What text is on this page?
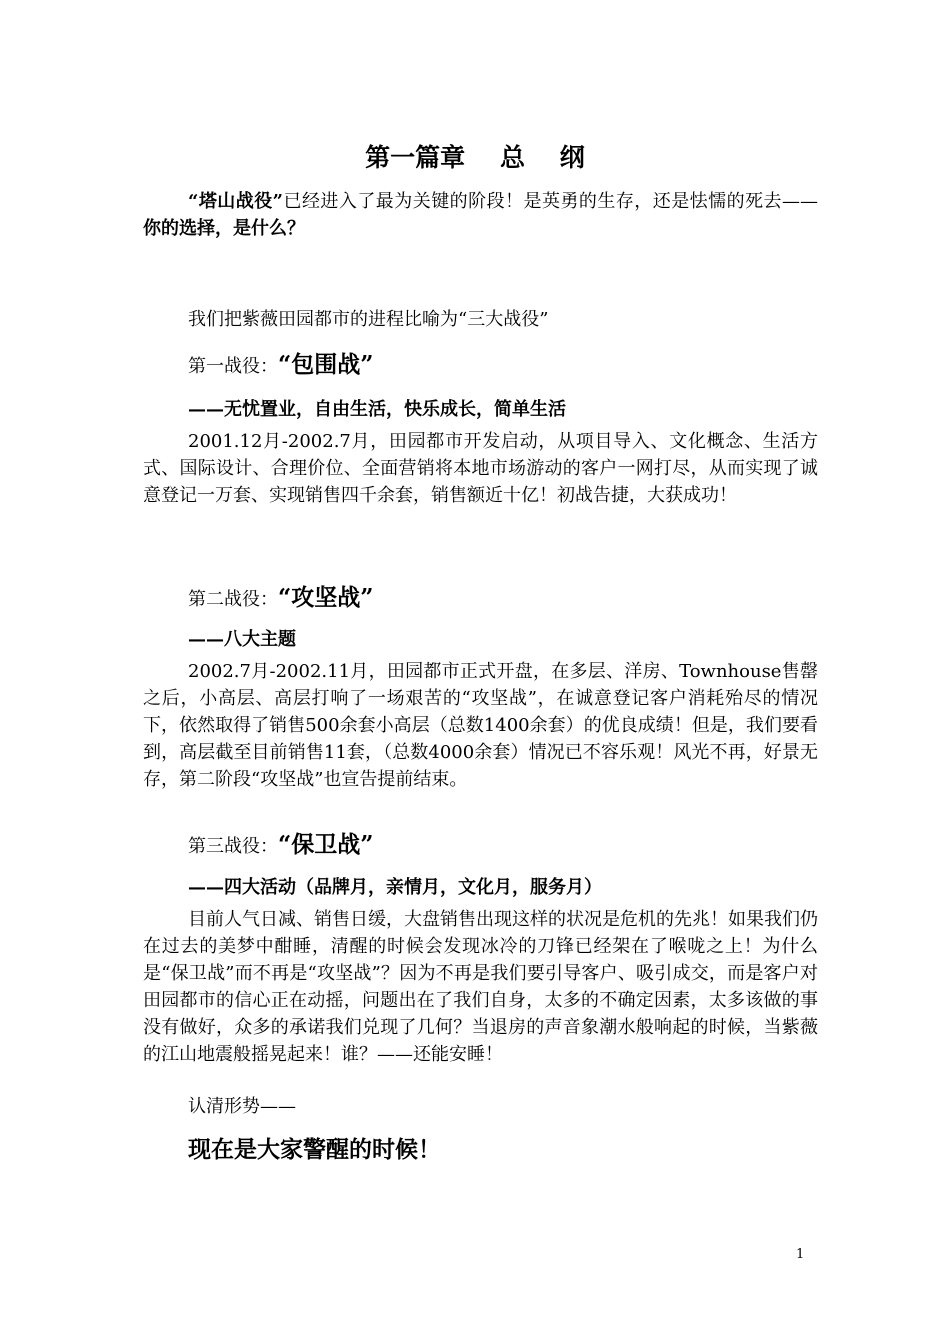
第一篇章    总    纲

“塔山战役”已经进入了最为关键的阶段！是英勇的生存，还是怯懦的死去——你的选择，是什么？

我们把紫薇田园都市的进程比喻为“三大战役”
第一战役：“包围战”
——无忧置业，自由生活，快乐成长，简单生活

2001.12月-2002.7月，田园都市开发启动，从项目导入、文化概念、生活方式、国际设计、合理价位、全面营销将本地市场游动的客户一网打尽，从而实现了诚意登记一万套、实现销售四千余套，销售额近十亿！初战告捷，大获成功！

第二战役：“攻坚战”
——八大主题

2002.7月-2002.11月，田园都市正式开盘，在多层、洋房、Townhouse售罄之后，小高层、高层打响了一场艰苦的“攻坚战”，在诚意登记客户消耗殆尽的情况下，依然取得了销售500余套小高层（总数1400余套）的优良成绩！但是，我们要看到，高层截至目前销售11套，（总数4000余套）情况已不容乐观！风光不再，好景无存，第二阶段“攻坚战”也宣告提前结束。

第三战役：“保卫战”
——四大活动（品牌月，亲情月，文化月，服务月）

目前人气日减、销售日缓，大盘销售出现这样的状况是危机的先兆！如果我们仍在过去的美梦中酣睡，清醒的时候会发现冰冷的刀锋已经架在了喉咙之上！为什么是“保卫战”而不再是“攻坚战”？因为不再是我们要引导客户、吸引成交，而是客户对田园都市的信心正在动摇，问题出在了我们自身，太多的不确定因素，太多该做的事没有做好，众多的承诺我们兑现了几何？当退房的声音象潮水般响起的时候，当紫薇的江山地震般摇晃起来！谁？——还能安睡！

认清形势——
现在是大家警醒的时候！
1
